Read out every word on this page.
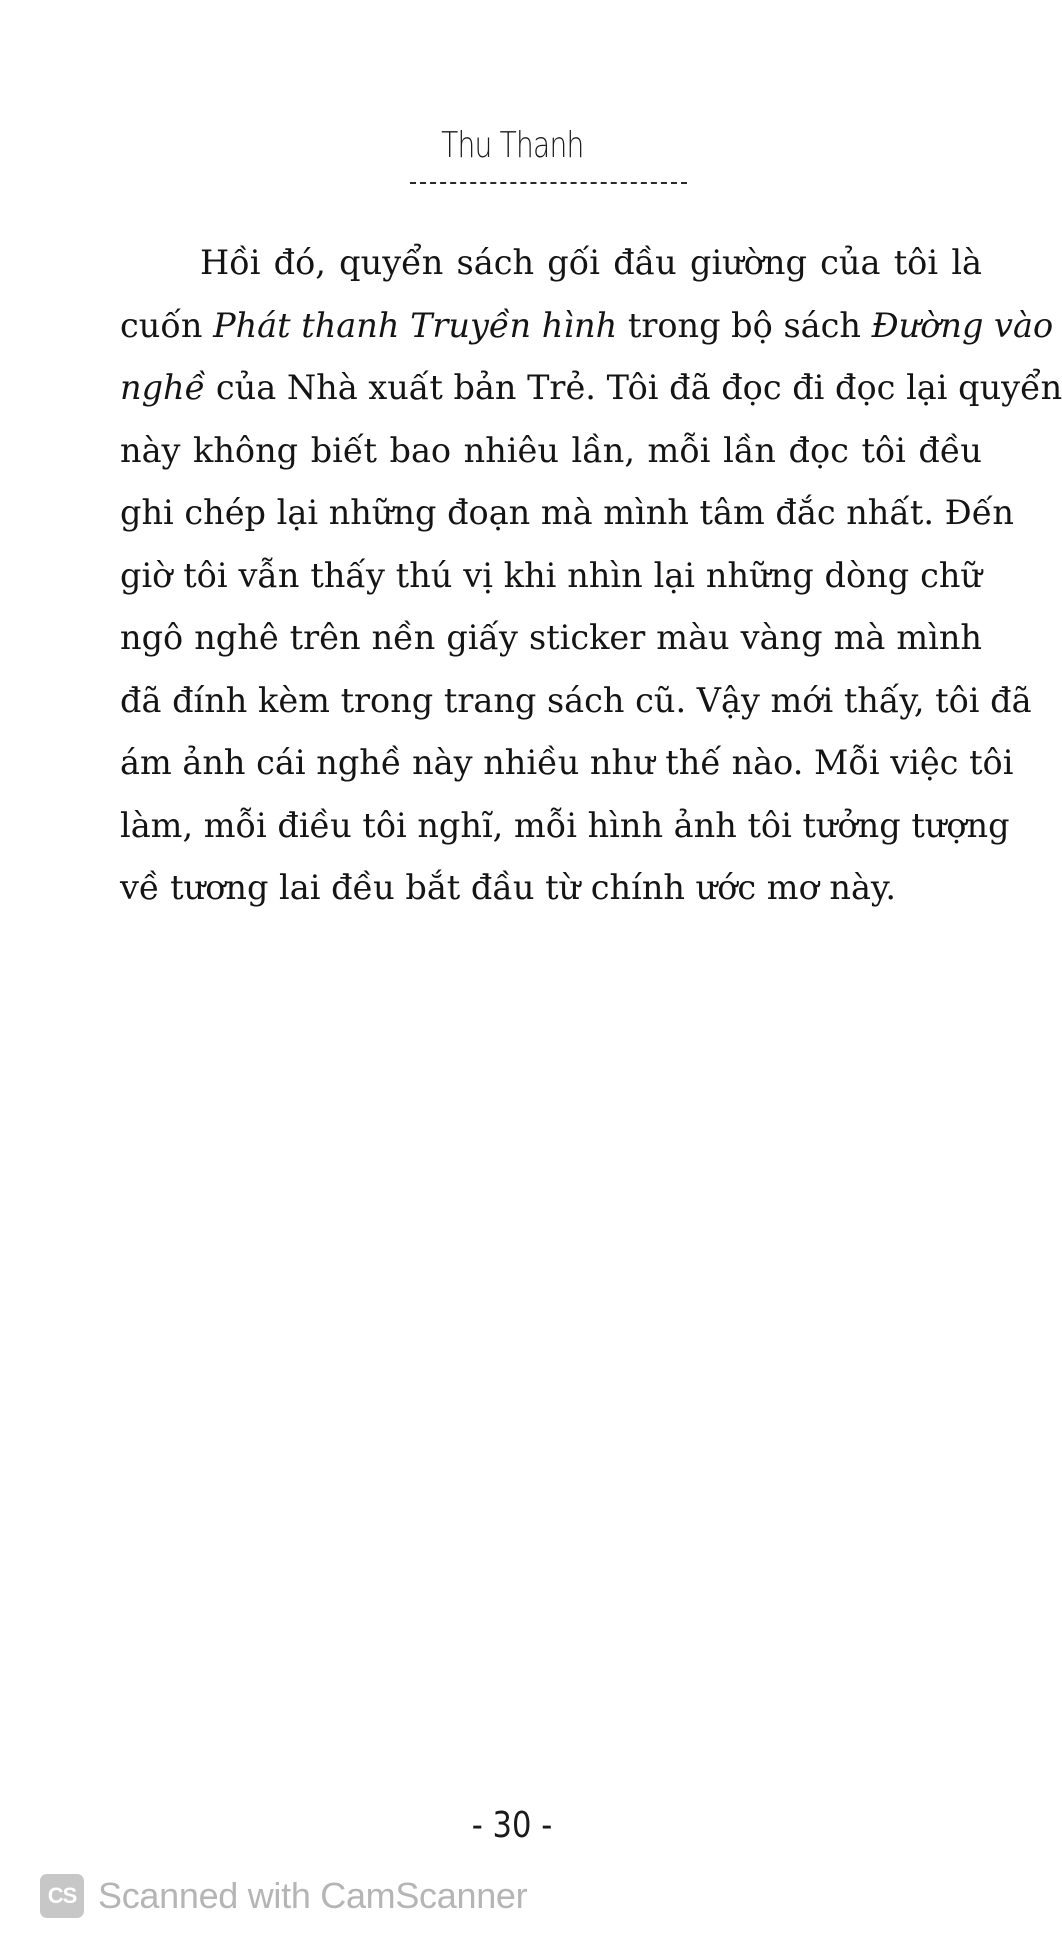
Thu Thanh
Hồi đó, quyển sách gối đầu giường của tôi là
cuốn Phát thanh Truyền hình trong bộ sách Đường vào
nghề của Nhà xuất bản Trẻ. Tôi đã đọc đi đọc lại quyển
này không biết bao nhiêu lần, mỗi lần đọc tôi đều
ghi chép lại những đoạn mà mình tâm đắc nhất. Đến
giờ tôi vẫn thấy thú vị khi nhìn lại những dòng chữ
ngô nghê trên nền giấy sticker màu vàng mà mình
đã đính kèm trong trang sách cũ. Vậy mới thấy, tôi đã
ám ảnh cái nghề này nhiều như thế nào. Mỗi việc tôi
làm, mỗi điều tôi nghĩ, mỗi hình ảnh tôi tưởng tượng
về tương lai đều bắt đầu từ chính ước mơ này.
- 30 -
CS Scanned with CamScanner
